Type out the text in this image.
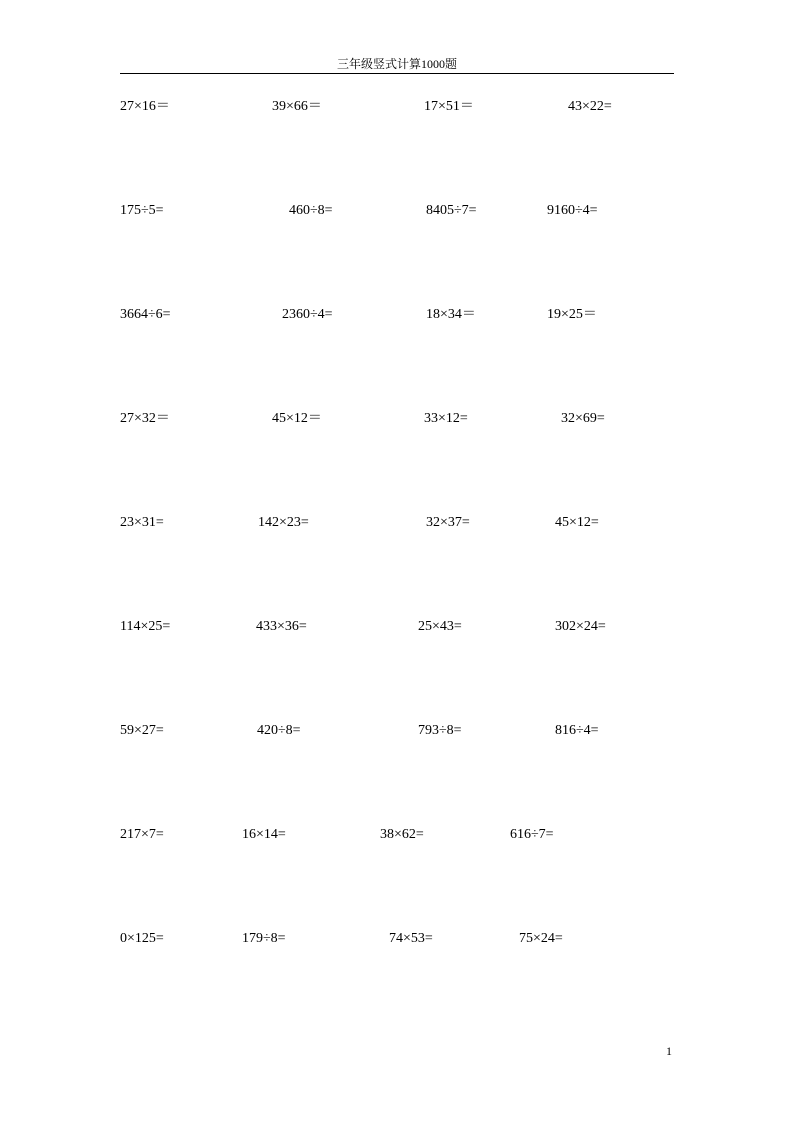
三年级竖式计算1000题
27×16＝	39×66＝	17×51＝	43×22=
175÷5=	460÷8=	8405÷7=	9160÷4=
3664÷6=	2360÷4=	18×34＝	19×25＝
27×32＝	45×12＝	33×12=	32×69=
23×31=	142×23=	32×37=	45×12=
114×25=	433×36=	25×43=	302×24=
59×27=	420÷8=	793÷8=	816÷4=
217×7=	16×14=	38×62=	616÷7=
0×125=	179÷8=	74×53=	75×24=
1
